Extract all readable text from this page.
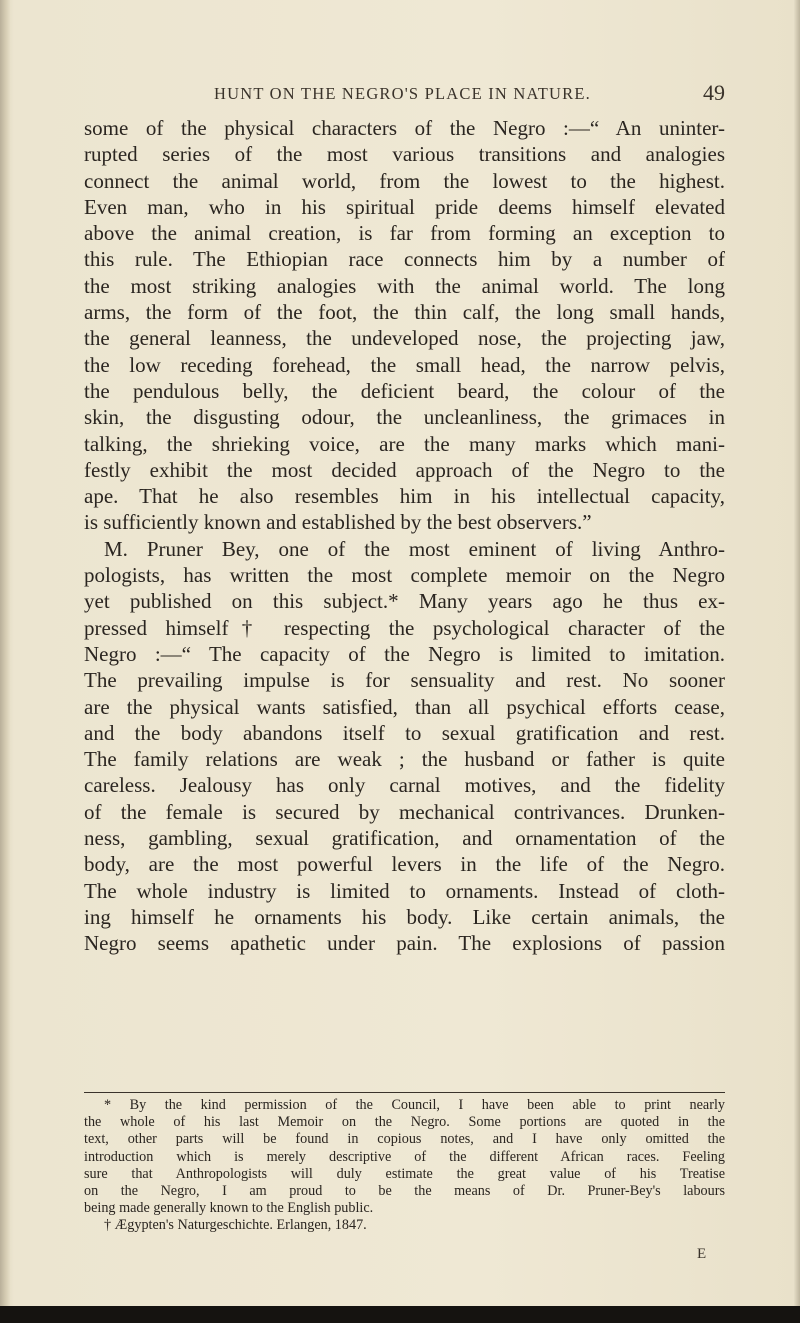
HUNT ON THE NEGRO'S PLACE IN NATURE.	49
some of the physical characters of the Negro :—“ An uninter-
rupted series of the most various transitions and analogies
connect the animal world, from the lowest to the highest.
Even man, who in his spiritual pride deems himself elevated
above the animal creation, is far from forming an exception to
this rule. The Ethiopian race connects him by a number of
the most striking analogies with the animal world. The long
arms, the form of the foot, the thin calf, the long small hands,
the general leanness, the undeveloped nose, the projecting jaw,
the low receding forehead, the small head, the narrow pelvis,
the pendulous belly, the deficient beard, the colour of the
skin, the disgusting odour, the uncleanliness, the grimaces in
talking, the shrieking voice, are the many marks which mani-
festly exhibit the most decided approach of the Negro to the
ape. That he also resembles him in his intellectual capacity,
is sufficiently known and established by the best observers.”
M. Pruner Bey, one of the most eminent of living Anthro-
pologists, has written the most complete memoir on the Negro
yet published on this subject.* Many years ago he thus ex-
pressed himself† respecting the psychological character of the
Negro :—“ The capacity of the Negro is limited to imitation.
The prevailing impulse is for sensuality and rest. No sooner
are the physical wants satisfied, than all psychical efforts cease,
and the body abandons itself to sexual gratification and rest.
The family relations are weak ; the husband or father is quite
careless. Jealousy has only carnal motives, and the fidelity
of the female is secured by mechanical contrivances. Drunken-
ness, gambling, sexual gratification, and ornamentation of the
body, are the most powerful levers in the life of the Negro.
The whole industry is limited to ornaments. Instead of cloth-
ing himself he ornaments his body. Like certain animals, the
Negro seems apathetic under pain. The explosions of passion
* By the kind permission of the Council, I have been able to print nearly
the whole of his last Memoir on the Negro. Some portions are quoted in the
text, other parts will be found in copious notes, and I have only omitted the
introduction which is merely descriptive of the different African races. Feeling
sure that Anthropologists will duly estimate the great value of his Treatise
on the Negro, I am proud to be the means of Dr. Pruner-Bey's labours
being made generally known to the English public.
† Ægypten's Naturgeschichte. Erlangen, 1847.
E
